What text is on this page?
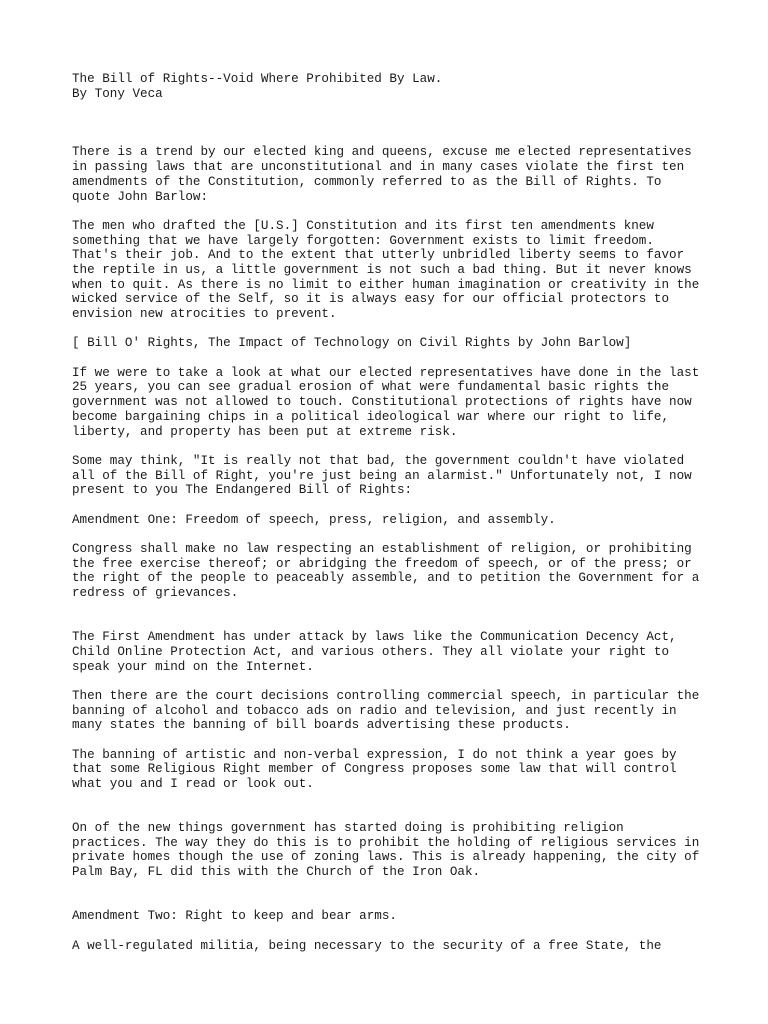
The Bill of Rights--Void Where Prohibited By Law.
By Tony Veca
There is a trend by our elected king and queens, excuse me elected representatives
in passing laws that are unconstitutional and in many cases violate the first ten
amendments of the Constitution, commonly referred to as the Bill of Rights. To
quote John Barlow:
The men who drafted the [U.S.] Constitution and its first ten amendments knew
something that we have largely forgotten: Government exists to limit freedom.
That's their job. And to the extent that utterly unbridled liberty seems to favor
the reptile in us, a little government is not such a bad thing. But it never knows
when to quit. As there is no limit to either human imagination or creativity in the
wicked service of the Self, so it is always easy for our official protectors to
envision new atrocities to prevent.
[ Bill O' Rights, The Impact of Technology on Civil Rights by John Barlow]
If we were to take a look at what our elected representatives have done in the last
25 years, you can see gradual erosion of what were fundamental basic rights the
government was not allowed to touch. Constitutional protections of rights have now
become bargaining chips in a political ideological war where our right to life,
liberty, and property has been put at extreme risk.
Some may think, "It is really not that bad, the government couldn't have violated
all of the Bill of Right, you're just being an alarmist." Unfortunately not, I now
present to you The Endangered Bill of Rights:
Amendment One: Freedom of speech, press, religion, and assembly.
Congress shall make no law respecting an establishment of religion, or prohibiting
the free exercise thereof; or abridging the freedom of speech, or of the press; or
the right of the people to peaceably assemble, and to petition the Government for a
redress of grievances.
The First Amendment has under attack by laws like the Communication Decency Act,
Child Online Protection Act, and various others. They all violate your right to
speak your mind on the Internet.
Then there are the court decisions controlling commercial speech, in particular the
banning of alcohol and tobacco ads on radio and television, and just recently in
many states the banning of bill boards advertising these products.
The banning of artistic and non-verbal expression, I do not think a year goes by
that some Religious Right member of Congress proposes some law that will control
what you and I read or look out.
On of the new things government has started doing is prohibiting religion
practices. The way they do this is to prohibit the holding of religious services in
private homes though the use of zoning laws. This is already happening, the city of
Palm Bay, FL did this with the Church of the Iron Oak.
Amendment Two: Right to keep and bear arms.
A well-regulated militia, being necessary to the security of a free State, the
